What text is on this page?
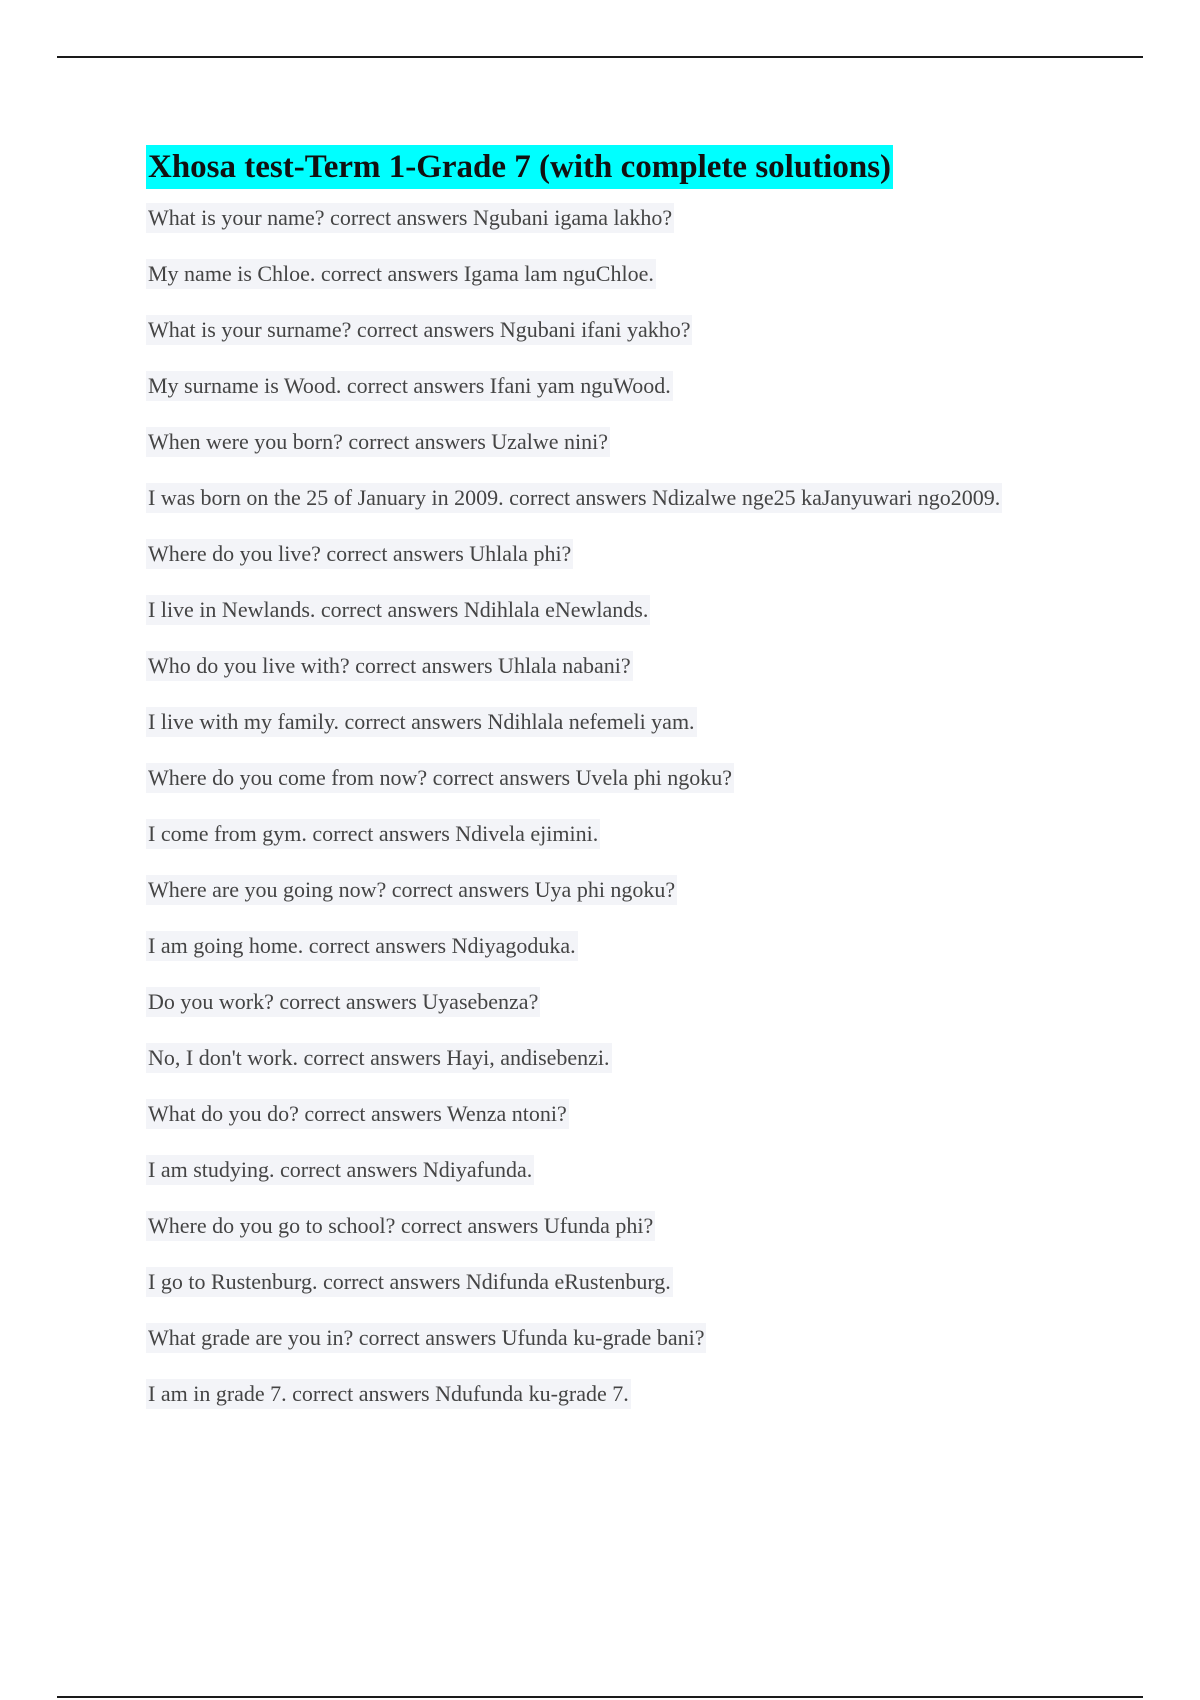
Xhosa test-Term 1-Grade 7 (with complete solutions)
What is your name? correct answers Ngubani igama lakho?
My name is Chloe. correct answers Igama lam nguChloe.
What is your surname? correct answers Ngubani ifani yakho?
My surname is Wood. correct answers Ifani yam nguWood.
When were you born? correct answers Uzalwe nini?
I was born on the 25 of January in 2009. correct answers Ndizalwe nge25 kaJanyuwari ngo2009.
Where do you live? correct answers Uhlala phi?
I live in Newlands. correct answers Ndihlala eNewlands.
Who do you live with? correct answers Uhlala nabani?
I live with my family. correct answers Ndihlala nefemeli yam.
Where do you come from now? correct answers Uvela phi ngoku?
I come from gym. correct answers Ndivela ejimini.
Where are you going now? correct answers Uya phi ngoku?
I am going home. correct answers Ndiyagoduka.
Do you work? correct answers Uyasebenza?
No, I don't work. correct answers Hayi, andisebenzi.
What do you do? correct answers Wenza ntoni?
I am studying. correct answers Ndiyafunda.
Where do you go to school? correct answers Ufunda phi?
I go to Rustenburg. correct answers Ndifunda eRustenburg.
What grade are you in? correct answers Ufunda ku-grade bani?
I am in grade 7. correct answers Ndufunda ku-grade 7.
